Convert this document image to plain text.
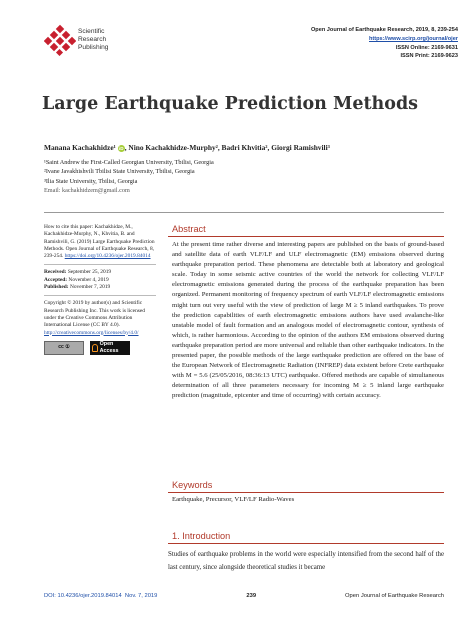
Scientific
Research
Publishing
Open Journal of Earthquake Research, 2019, 8, 239-254
https://www.scirp.org/journal/ojer
ISSN Online: 2169-9631
ISSN Print: 2169-9623
Large Earthquake Prediction Methods
Manana Kachakhidze¹ iD, Nino Kachakhidze-Murphy², Badri Khvitia², Giorgi Ramishvili³
¹Saint Andrew the First-Called Georgian University, Tbilisi, Georgia
²Ivane Javakhishvili Tbilisi State University, Tbilisi, Georgia
³Ilia State University, Tbilisi, Georgia
Email: kachakhidzem@gmail.com
How to cite this paper: Kachakhidze, M., Kachakhidze-Murphy, N., Khvitia, B. and Ramishvili, G. (2019) Large Earthquake Prediction Methods. Open Journal of Earthquake Research, 8, 239-254. https://doi.org/10.4236/ojer.2019.84014
Received: September 25, 2019
Accepted: November 4, 2019
Published: November 7, 2019
Copyright © 2019 by author(s) and Scientific Research Publishing Inc. This work is licensed under the Creative Commons Attribution International License (CC BY 4.0). http://creativecommons.org/licenses/by/4.0/
cc ①
Open Access
Abstract

At the present time rather diverse and interesting papers are published on the basis of ground-based and satellite data of earth VLF/LF and ULF electromagnetic (EM) emissions observed during earthquake preparation period. These phenomena are detectable both at laboratory and geological scale. Today in some seismic active countries of the world the network for collecting VLF/LF electromagnetic emissions generated during the process of the earthquake preparation has been organized. Permanent monitoring of frequency spectrum of earth VLF/LF electromagnetic emissions might turn out very useful with the view of prediction of large M ≥ 5 inland earthquakes. To prove the prediction capabilities of earth electromagnetic emissions authors have used avalanche-like unstable model of fault formation and an analogous model of electromagnetic contour, synthesis of which, is rather harmonious. According to the opinion of the authors EM emissions observed during earthquake preparation period are more universal and reliable than other earthquake indicators. In the presented paper, the possible methods of the large earthquake prediction are offered on the base of the European Network of Electromagnetic Radiation (INFREP) data existent before Crete earthquake with M = 5.6 (25/05/2016, 08:36:13 UTC) earthquake. Offered methods are capable of simultaneous determination of all three parameters necessary for incoming M ≥ 5 inland large earthquake prediction (magnitude, epicenter and time of occurring) with certain accuracy.

Keywords

Earthquake, Precursor, VLF/LF Radio-Waves

1. Introduction

Studies of earthquake problems in the world were especially intensified from the second half of the last century, since alongside theoretical studies it became

DOI: 10.4236/ojer.2019.84014 Nov. 7, 2019	239	Open Journal of Earthquake Research
